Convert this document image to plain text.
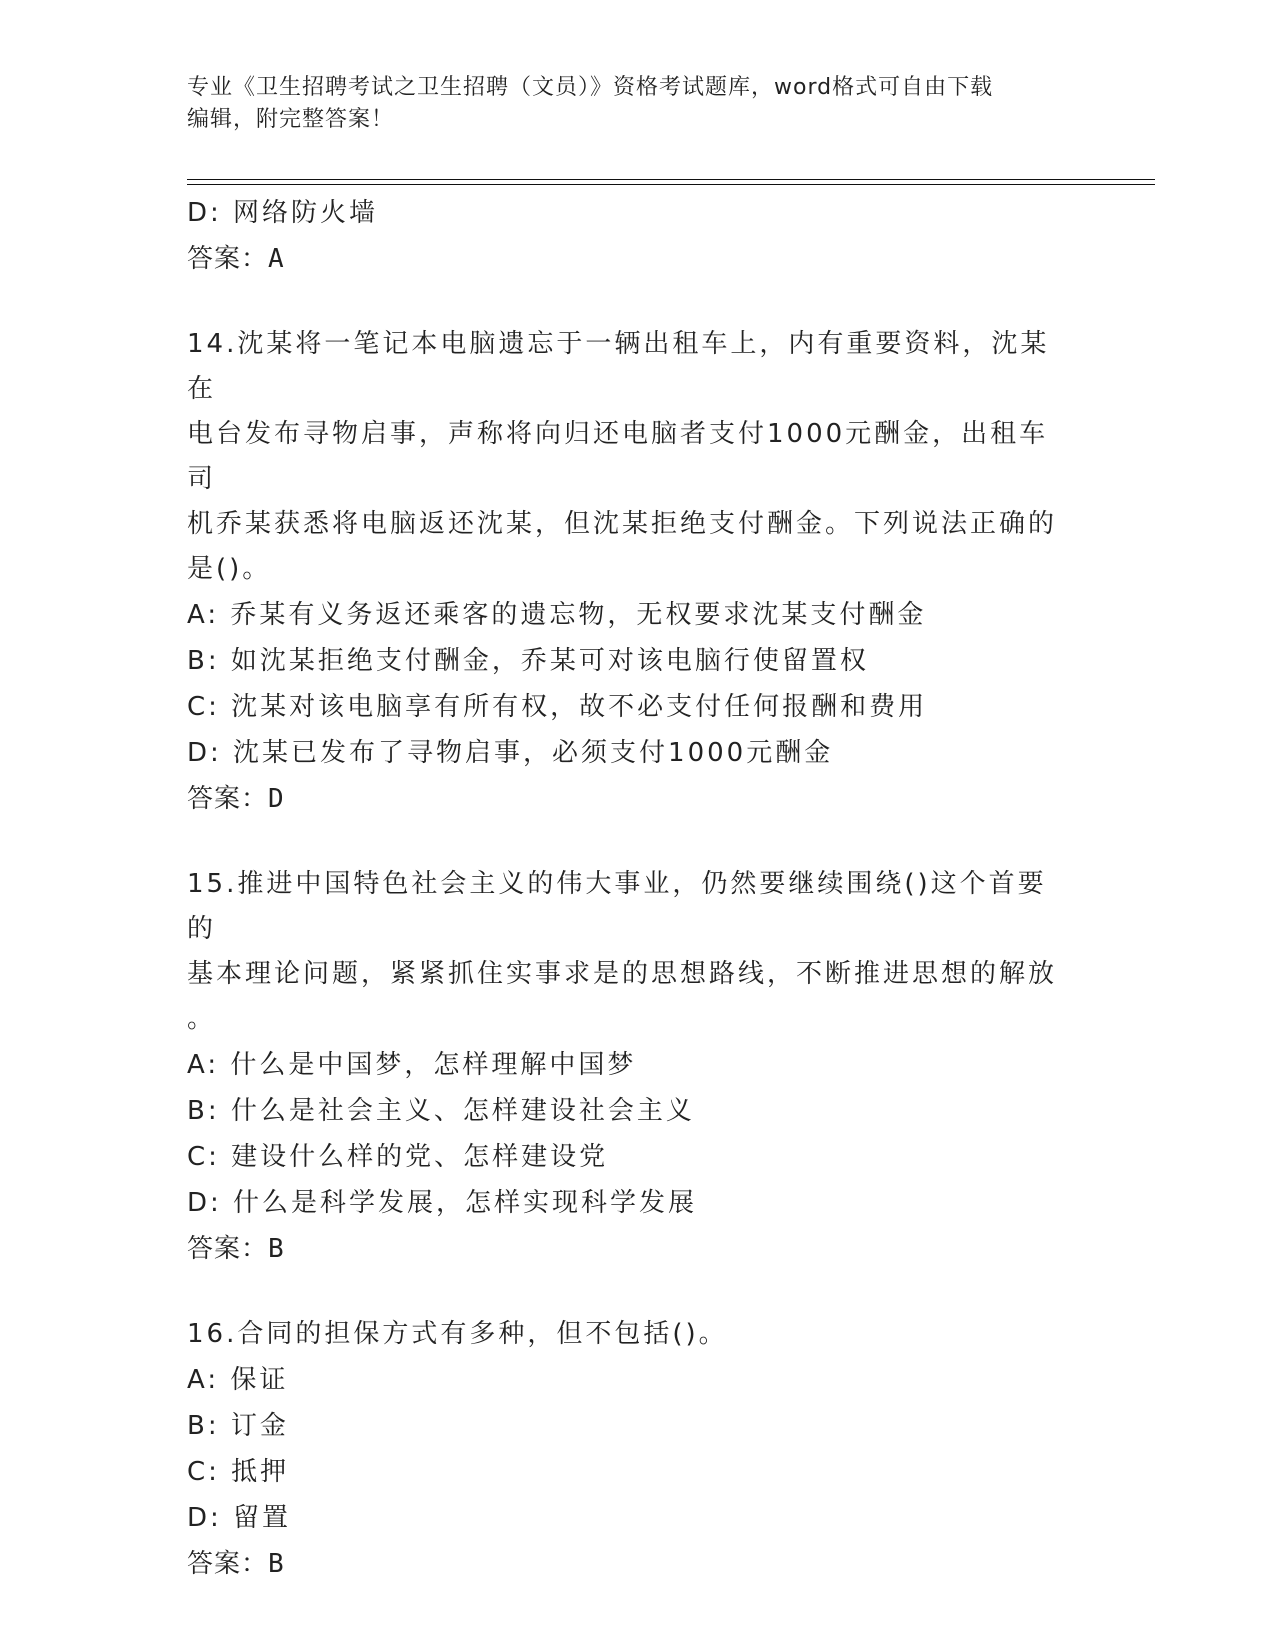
专业《卫生招聘考试之卫生招聘（文员）》资格考试题库，word格式可自由下载
编辑，附完整答案！
D: 网络防火墙
答案：A
14.沈某将一笔记本电脑遗忘于一辆出租车上，内有重要资料，沈某在
电台发布寻物启事，声称将向归还电脑者支付1000元酬金，出租车司
机乔某获悉将电脑返还沈某，但沈某拒绝支付酬金。下列说法正确的
是()。
A: 乔某有义务返还乘客的遗忘物，无权要求沈某支付酬金
B: 如沈某拒绝支付酬金，乔某可对该电脑行使留置权
C: 沈某对该电脑享有所有权，故不必支付任何报酬和费用
D: 沈某已发布了寻物启事，必须支付1000元酬金
答案：D
15.推进中国特色社会主义的伟大事业，仍然要继续围绕()这个首要的
基本理论问题，紧紧抓住实事求是的思想路线，不断推进思想的解放
。
A: 什么是中国梦，怎样理解中国梦
B: 什么是社会主义、怎样建设社会主义
C: 建设什么样的党、怎样建设党
D: 什么是科学发展，怎样实现科学发展
答案：B
16.合同的担保方式有多种，但不包括()。
A: 保证
B: 订金
C: 抵押
D: 留置
答案：B
